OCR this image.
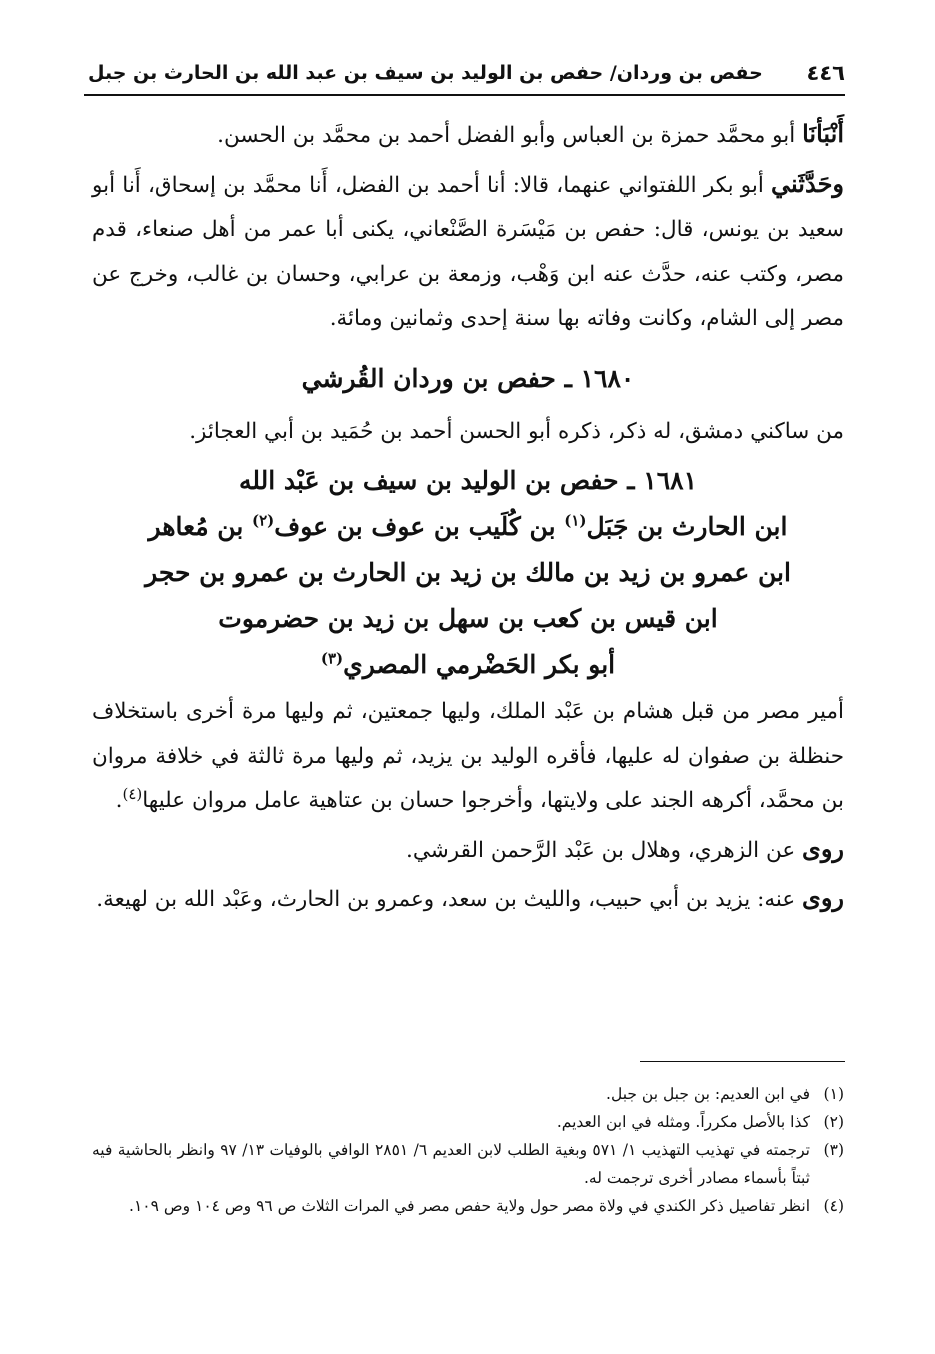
٤٤٦
حفص بن وردان/ حفص بن الوليد بن سيف بن عبد الله بن الحارث بن جبل

أَنْبَأنَا أبو محمَّد حمزة بن العباس وأبو الفضل أحمد بن محمَّد بن الحسن.

وحَدَّثَني أبو بكر اللفتواني عنهما، قالا: أنا أحمد بن الفضل، أَنا محمَّد بن إسحاق، أَنا أبو سعيد بن يونس، قال: حفص بن مَيْسَرة الصَّنْعاني، يكنى أبا عمر من أهل صنعاء، قدم مصر، وكتب عنه، حدَّث عنه ابن وَهْب، وزمعة بن عرابي، وحسان بن غالب، وخرج عن مصر إلى الشام، وكانت وفاته بها سنة إحدى وثمانين ومائة.

١٦٨٠ ـ حفص بن وردان القُرشي

من ساكني دمشق، له ذكر، ذكره أبو الحسن أحمد بن حُمَيد بن أبي العجائز.

١٦٨١ ـ حفص بن الوليد بن سيف بن عَبْد الله

ابن الحارث بن جَبَل$^{(١)}$ بن كُلَيب بن عوف بن عوف$^{(٢)}$ بن مُعاهر

ابن عمرو بن زيد بن مالك بن زيد بن الحارث بن عمرو بن حجر

ابن قيس بن كعب بن سهل بن زيد بن حضرموت

أبو بكر الحَضْرمي المصري$^{(٣)}$

أمير مصر من قبل هشام بن عَبْد الملك، وليها جمعتين، ثم وليها مرة أخرى باستخلاف حنظلة بن صفوان له عليها، فأقره الوليد بن يزيد، ثم وليها مرة ثالثة في خلافة مروان بن محمَّد، أكرهه الجند على ولايتها، وأخرجوا حسان بن عتاهية عامل مروان عليها$^{(٤)}$.

روى عن الزهري، وهلال بن عَبْد الرَّحمن القرشي.

روى عنه: يزيد بن أبي حبيب، والليث بن سعد، وعمرو بن الحارث، وعَبْد الله بن لهيعة.

(١)
في ابن العديم: بن جبل بن جبل.
(٢)
كذا بالأصل مكرراً. ومثله في ابن العديم.
(٣)
ترجمته في تهذيب التهذيب ١/ ٥٧١ وبغية الطلب لابن العديم ٦/ ٢٨٥١ الوافي بالوفيات ١٣/ ٩٧ وانظر بالحاشية فيه ثبتاً بأسماء مصادر أخرى ترجمت له.
(٤)
انظر تفاصيل ذكر الكندي في ولاة مصر حول ولاية حفص مصر في المرات الثلاث ص ٩٦ وص ١٠٤ وص ١٠٩.
